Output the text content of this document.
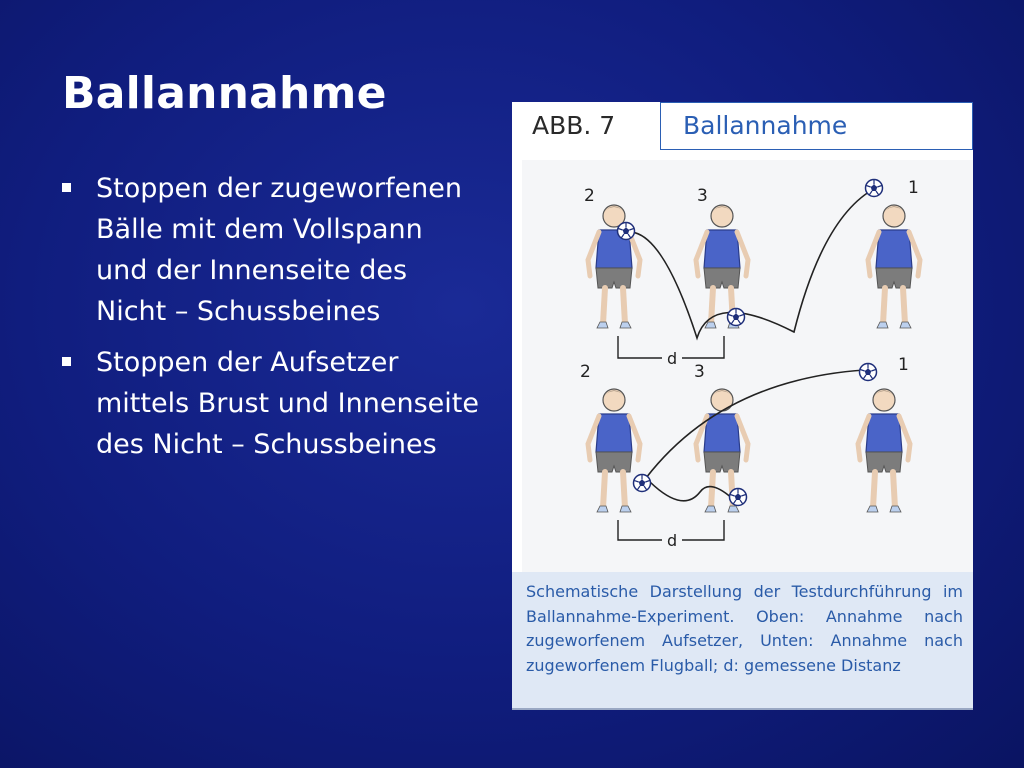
Ballannahme
Stoppen der zugeworfenen Bälle mit dem Vollspann und der Innenseite des Nicht – Schussbeines
Stoppen der Aufsetzer mittels Brust und Innenseite des Nicht – Schussbeines
ABB. 7	Ballannahme
2	3	1
d
2	3	1
d
Schematische Darstellung der Testdurchführung im Ballannahme-Experiment. Oben: Annahme nach zugeworfenem Aufsetzer, Unten: Annahme nach zugeworfenem Flugball; d: gemessene Distanz
